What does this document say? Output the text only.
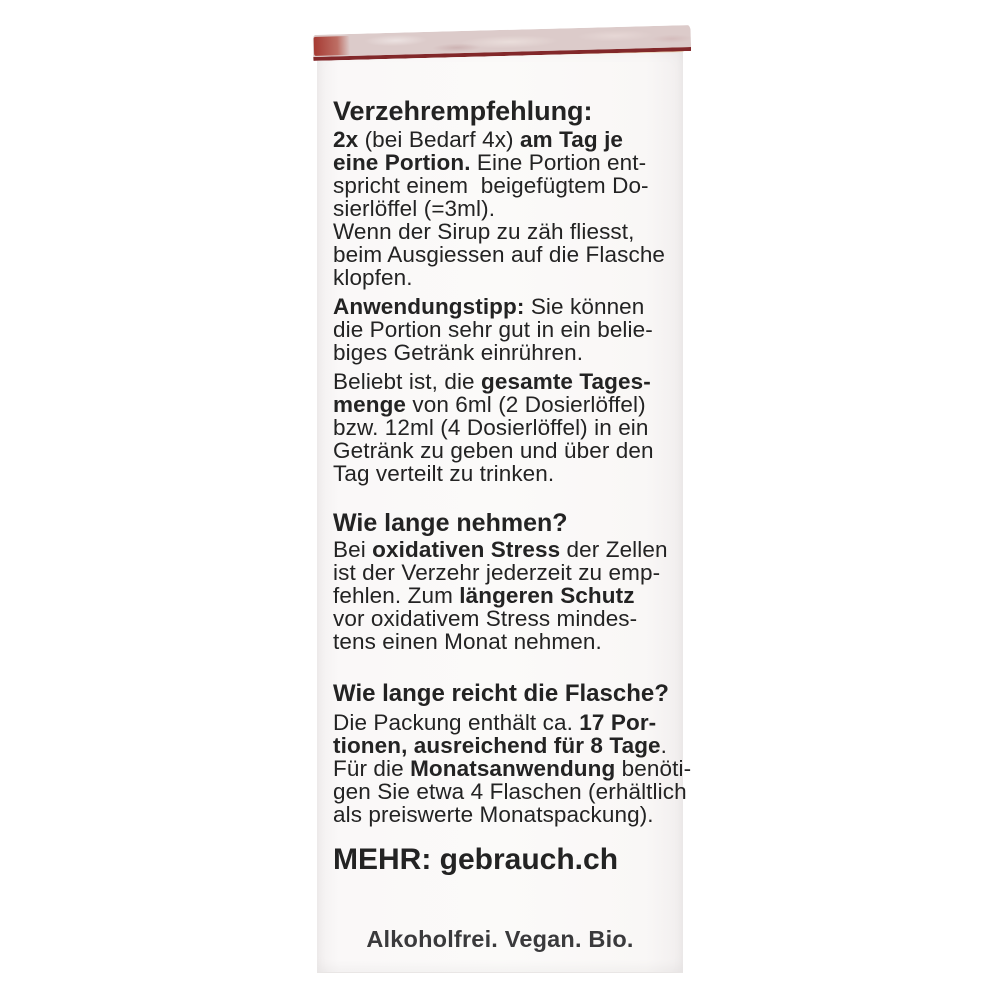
Verzehrempfehlung:
2x (bei Bedarf 4x) am Tag je
eine Portion. Eine Portion ent-
spricht einem  beigefügtem Do-
sierlöffel (=3ml).
Wenn der Sirup zu zäh fliesst,
beim Ausgiessen auf die Flasche
klopfen.
Anwendungstipp: Sie können
die Portion sehr gut in ein belie-
biges Getränk einrühren.
Beliebt ist, die gesamte Tages-
menge von 6ml (2 Dosierlöffel)
bzw. 12ml (4 Dosierlöffel) in ein
Getränk zu geben und über den
Tag verteilt zu trinken.
Wie lange nehmen?
Bei oxidativen Stress der Zellen
ist der Verzehr jederzeit zu emp-
fehlen. Zum längeren Schutz
vor oxidativem Stress mindes-
tens einen Monat nehmen.
Wie lange reicht die Flasche?
Die Packung enthält ca. 17 Por-
tionen, ausreichend für 8 Tage.
Für die Monatsanwendung benöti-
gen Sie etwa 4 Flaschen (erhältlich
als preiswerte Monatspackung).
MEHR: gebrauch.ch
Alkoholfrei. Vegan. Bio.
